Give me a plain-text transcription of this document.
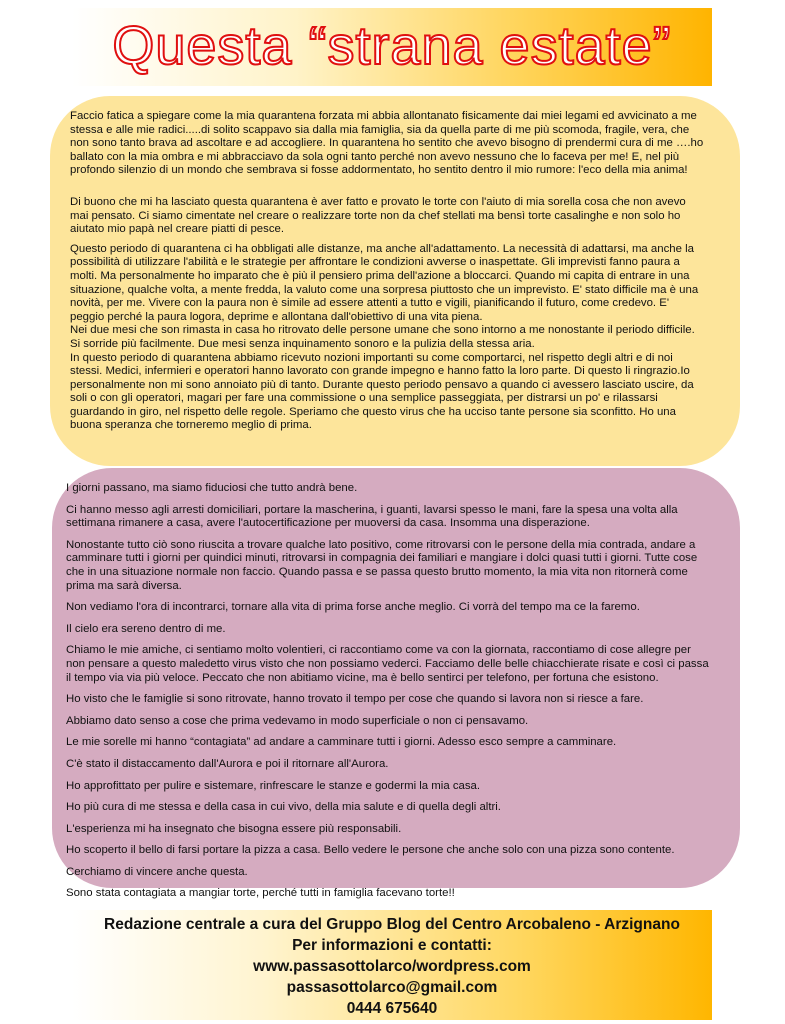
Questa “strana estate”

Faccio fatica a spiegare come la mia quarantena forzata mi abbia allontanato fisicamente dai miei legami ed avvicinato a me stessa e alle mie radici.....di solito scappavo sia dalla mia famiglia, sia da quella parte di me più scomoda, fragile, vera, che non sono tanto brava ad ascoltare e ad accogliere. In quarantena ho sentito che avevo bisogno di prendermi cura di me ….ho ballato con la mia ombra e mi abbracciavo da sola ogni tanto perché non avevo nessuno che lo faceva per me! E, nel più profondo silenzio di un mondo che sembrava si fosse addormentato, ho sentito dentro il mio rumore: l'eco della mia anima!

Di buono che mi ha lasciato questa quarantena è aver fatto e provato le torte con l'aiuto di mia sorella cosa che non avevo mai pensato. Ci siamo cimentate nel creare o realizzare torte non da chef stellati ma bensì torte casalinghe e non solo ho aiutato mio papà nel creare piatti di pesce.

Questo periodo di quarantena ci ha obbligati alle distanze, ma anche all'adattamento. La necessità di adattarsi, ma anche la possibilità di utilizzare l'abilità e le strategie per affrontare le condizioni avverse o inaspettate. Gli imprevisti fanno paura a molti. Ma personalmente ho imparato che è più il pensiero prima dell'azione a bloccarci. Quando mi capita di entrare in una situazione, qualche volta, a mente fredda, la valuto come una sorpresa piuttosto che un imprevisto. E' stato difficile ma è una novità, per me. Vivere con la paura non è simile ad essere attenti a tutto e vigili, pianificando il futuro, come credevo. E' peggio perché la paura logora, deprime e allontana dall'obiettivo di una vita piena.
Nei due mesi che son rimasta in casa ho ritrovato delle persone umane che sono intorno a me nonostante il periodo difficile. Si sorride più facilmente. Due mesi senza inquinamento sonoro e la pulizia della stessa aria.
In questo periodo di quarantena abbiamo ricevuto nozioni importanti su come comportarci, nel rispetto degli altri e di noi stessi. Medici, infermieri e operatori hanno lavorato con grande impegno e hanno fatto la loro parte. Di questo li ringrazio.Io personalmente non mi sono annoiato più di tanto. Durante questo periodo pensavo a quando ci avessero lasciato uscire, da soli o con gli operatori, magari per fare una commissione o una semplice passeggiata, per distrarsi un po' e rilassarsi guardando in giro, nel rispetto delle regole. Speriamo che questo virus che ha ucciso tante persone sia sconfitto. Ho una buona speranza che torneremo meglio di prima.

I giorni passano, ma siamo fiduciosi che tutto andrà bene.

Ci hanno messo agli arresti domiciliari, portare la mascherina, i guanti, lavarsi spesso le mani, fare la spesa una volta alla settimana rimanere a casa, avere l'autocertificazione per muoversi da casa. Insomma una disperazione.

Nonostante tutto ciò sono riuscita a trovare qualche lato positivo, come ritrovarsi con le persone della mia contrada, andare a camminare tutti i giorni per quindici minuti, ritrovarsi in compagnia dei familiari e mangiare i dolci quasi tutti i giorni. Tutte cose che in una situazione normale non faccio. Quando passa e se passa questo brutto momento, la mia vita non ritornerà come prima ma sarà diversa.

Non vediamo l'ora di incontrarci, tornare alla vita di prima forse anche meglio. Ci vorrà del tempo ma ce la faremo.

Il cielo era sereno dentro di me.

Chiamo le mie amiche, ci sentiamo molto volentieri, ci raccontiamo come va con la giornata, raccontiamo di cose allegre per non pensare a questo maledetto virus visto che non possiamo vederci. Facciamo delle belle chiacchierate risate e così ci passa il tempo via via più veloce. Peccato che non abitiamo vicine, ma è bello sentirci per telefono, per fortuna che esistono.

Ho visto che le famiglie si sono ritrovate, hanno trovato il tempo per cose che quando si lavora non si riesce a fare.

Abbiamo dato senso a cose che prima vedevamo in modo superficiale o non ci pensavamo.

Le mie sorelle mi hanno “contagiata” ad andare a camminare tutti i giorni. Adesso esco sempre a camminare.

C'è stato il distaccamento dall'Aurora e poi il ritornare all'Aurora.

Ho approfittato per pulire e sistemare, rinfrescare le stanze e godermi la mia casa.

Ho più cura di me stessa e della casa in cui vivo, della mia salute e di quella degli altri.

L'esperienza mi ha insegnato che bisogna essere più responsabili.

Ho scoperto il bello di farsi portare la pizza a casa. Bello vedere le persone che anche solo con una pizza sono contente.

Cerchiamo di vincere anche questa.

Sono stata contagiata a mangiar torte, perché tutti in famiglia facevano torte!!

Redazione centrale a cura del Gruppo Blog del Centro Arcobaleno - Arzignano
Per informazioni e contatti:
www.passasottolarco/wordpress.com
passasottolarco@gmail.com
0444 675640
